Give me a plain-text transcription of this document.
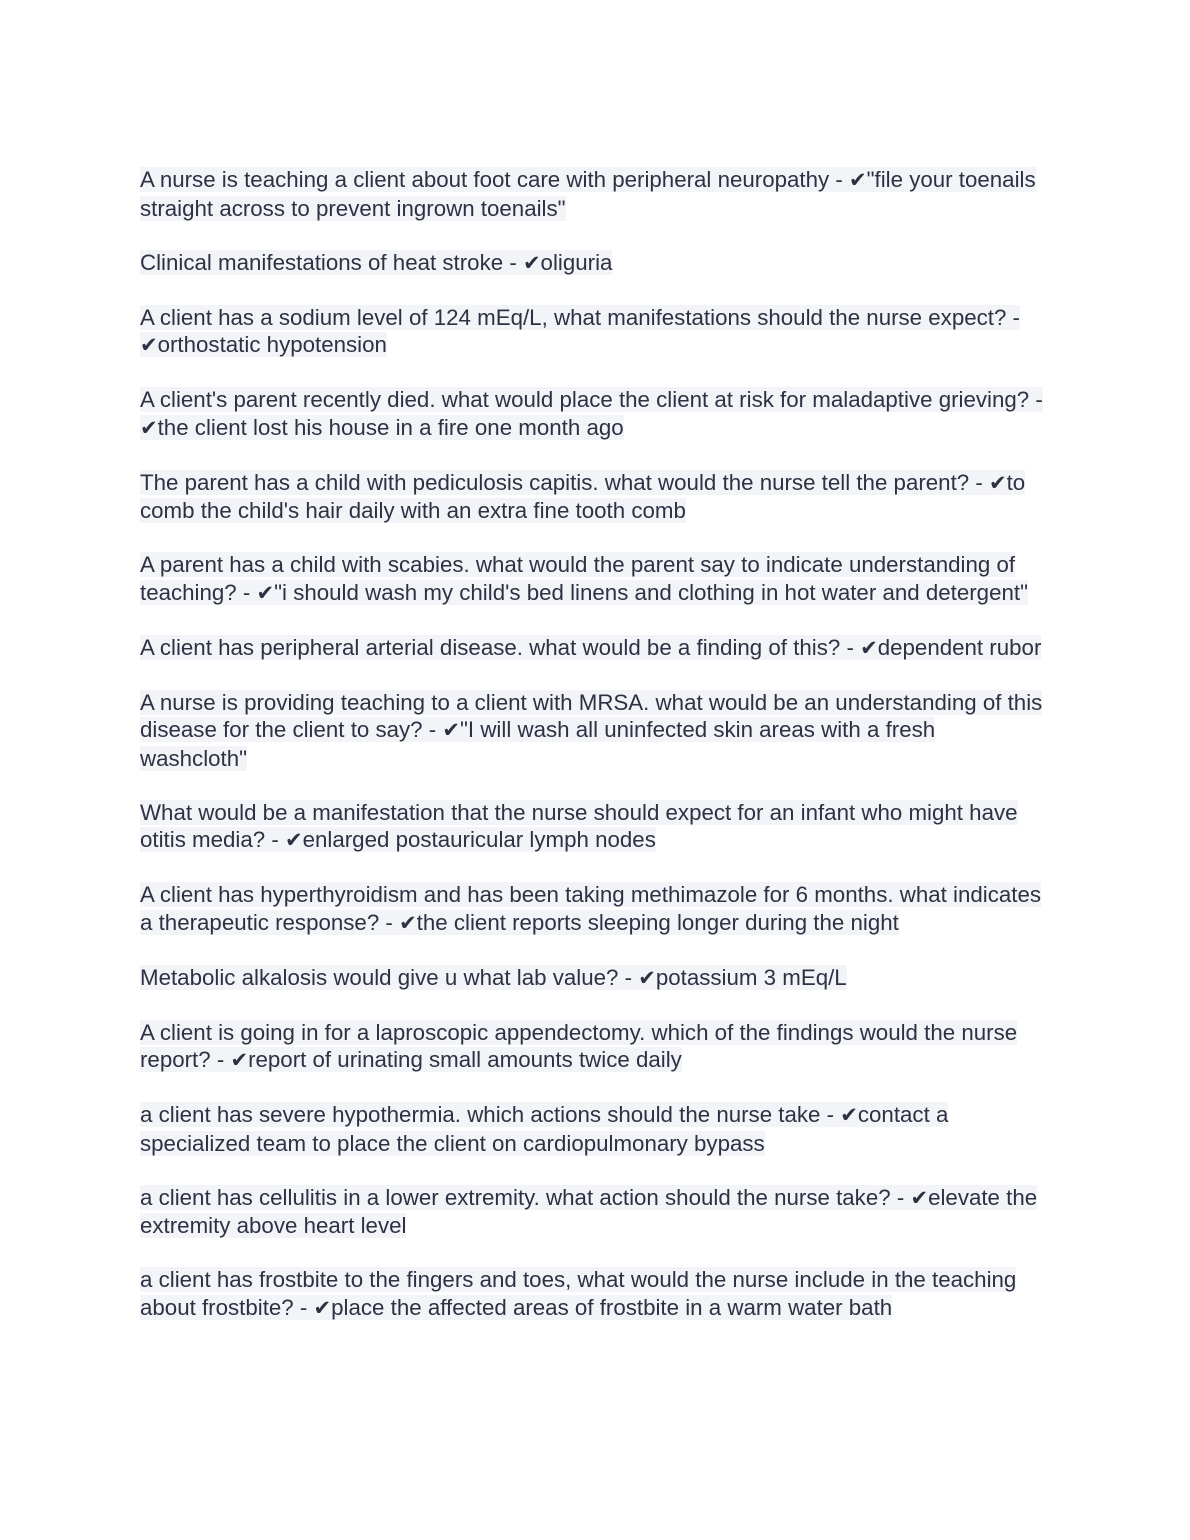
A nurse is teaching a client about foot care with peripheral neuropathy - ✔"file your toenails straight across to prevent ingrown toenails"

Clinical manifestations of heat stroke - ✔oliguria

A client has a sodium level of 124 mEq/L, what manifestations should the nurse expect? - ✔orthostatic hypotension

A client's parent recently died. what would place the client at risk for maladaptive grieving? - ✔the client lost his house in a fire one month ago

The parent has a child with pediculosis capitis. what would the nurse tell the parent? - ✔to comb the child's hair daily with an extra fine tooth comb

A parent has a child with scabies. what would the parent say to indicate understanding of teaching? - ✔"i should wash my child's bed linens and clothing in hot water and detergent"

A client has peripheral arterial disease. what would be a finding of this? - ✔dependent rubor

A nurse is providing teaching to a client with MRSA. what would be an understanding of this disease for the client to say? - ✔"I will wash all uninfected skin areas with a fresh washcloth"

What would be a manifestation that the nurse should expect for an infant who might have otitis media? - ✔enlarged postauricular lymph nodes

A client has hyperthyroidism and has been taking methimazole for 6 months. what indicates a therapeutic response? - ✔the client reports sleeping longer during the night

Metabolic alkalosis would give u what lab value? - ✔potassium 3 mEq/L

A client is going in for a laproscopic appendectomy. which of the findings would the nurse report? - ✔report of urinating small amounts twice daily

a client has severe hypothermia. which actions should the nurse take - ✔contact a specialized team to place the client on cardiopulmonary bypass

a client has cellulitis in a lower extremity. what action should the nurse take? - ✔elevate the extremity above heart level

a client has frostbite to the fingers and toes, what would the nurse include in the teaching about frostbite? - ✔place the affected areas of frostbite in a warm water bath
